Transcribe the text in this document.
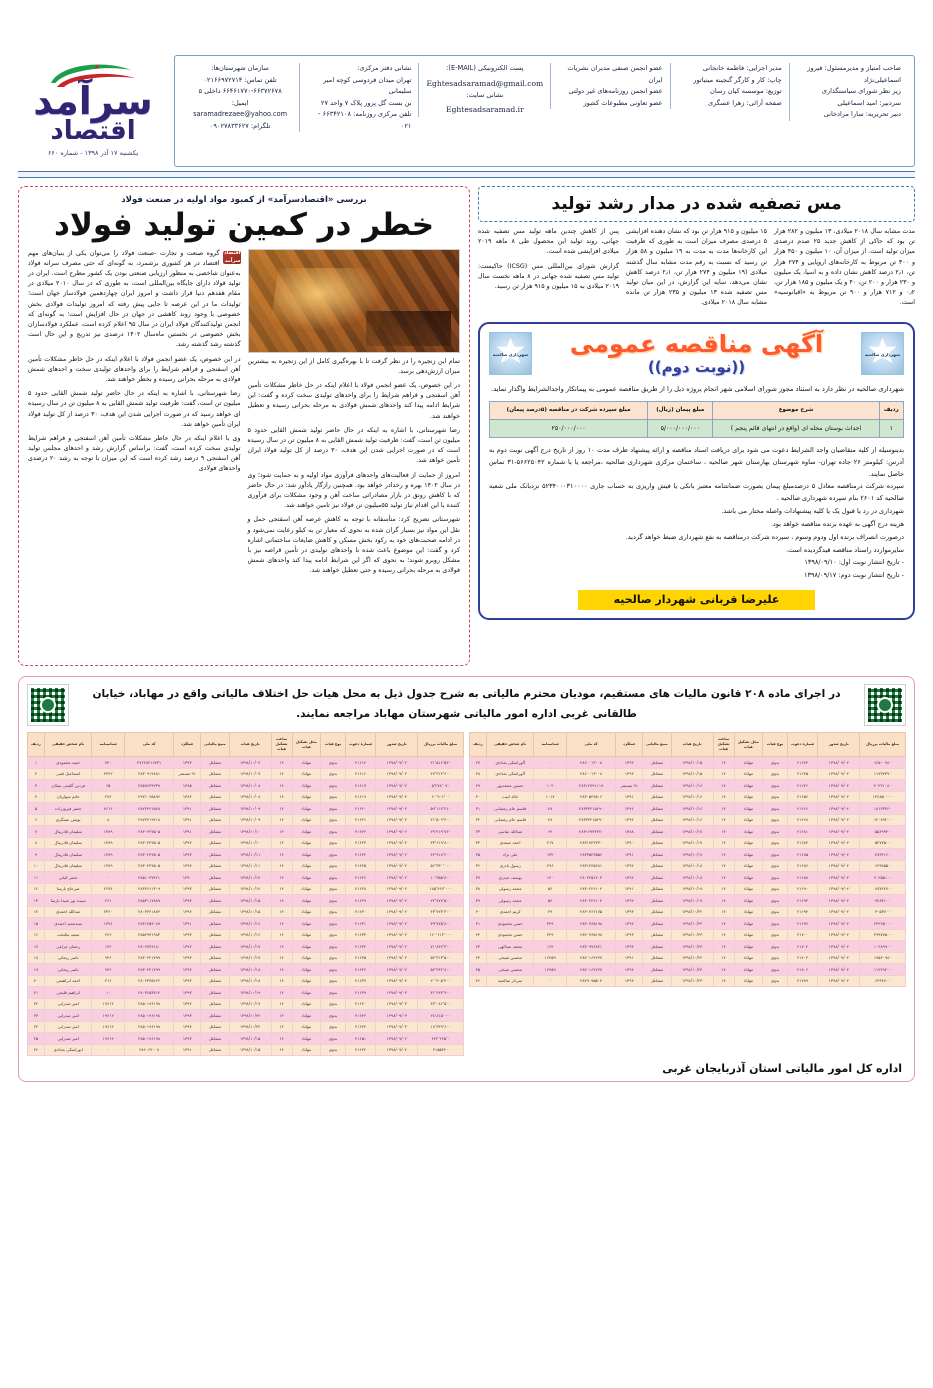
صاحب امتیاز و مدیرمسئول: فیروز اسماعیلی‌نژاد
زیر نظر شورای سیاستگذاری
سردبیر: امید اسماعیلی
دبیر تحریریه: سارا مرادخانی
مدیر اجرایی: فاطمه خانجانی
چاپ: کار و کارگر گنجینه مینیاتور
توزیع: موسسه کیان رسان
صفحه آرائی: زهرا عسگری
عضو انجمن صنفی مدیران نشریات ایران
عضو انجمن روزنامه‌های غیر دولتی
عضو تعاونی مطبوعات کشور
پست الکترونیکی (E-MAIL):
Eghtesadsaramad@gmail.com
نشانی سایت:
Eghtesadsaramad.ir
نشانی دفتر مرکزی:
تهران میدان فردوسی کوچه امیر سلیمانی
بن بست گل پرور پلاک ۷ واحد ۲۷
تلفن مرکزی روزنامه: ۶۶۳۴۲۱۰۸ - ۰۲۱
سازمان شهرستان‌ها:
تلفن تماس: ۰۲۱۶۶۹۷۲۷۱۴
۶۶۴۶۱۷۷۰-۶۶۳۷۲۶۷۸ داخلی ۵
ایمیل: saramadrezaee@yahoo.com
تلگرام: ۰۹۰۲۷۸۳۳۶۲۷
سرآمد
اقتصاد
یکشنبه ۱۷ آذر ۱۳۹۸ - شماره ۶۶۰
مس تصفیه شده در مدار رشد تولید

مدت مشابه سال ۲۰۱۸ میلادی، ۱۳ میلیون و ۲۸۲ هزار تن بود که حاکی از کاهش جدید ۲۵ صدم درصدی میزان تولید است. از میزان آن، ۱۰ میلیون و ۴۵۰ هزار و ۳۰۰ تن مربوط به کارخانه‌های اروپایی و ۲۷۴ هزار تن، ۲٫۱ درصد کاهش نشان داده و به اسیا، یک میلیون و ۲۳۰ هزار و ۲۰۰ تن، ۴۰ و یک میلیون و ۱۸۵ هزار تن، ۰٫۲ و ۷۱۲ هزار و ۹۰۰ تن مربوط به «اقیانوسیه» است.

۱۵ میلیون و ۹۱۵ هزار تن بود که نشان دهنده افزایشی ۵ درصدی مصرف میزان است به طوری که ظرفیت این کارخانه‌ها مدت به مدت به ۱۹ میلیون و ۵۸ هزار تن رسید که نسبت به رقم مدت مشابه سال گذشته میلادی (۱۹ میلیون و ۲۷۴ هزار تن، ۲٫۱ درصد کاهش نشان می‌دهد، سایه این گزارش، در این میان تولید مس تصفیه شده ۱۳ میلیون و ۲۳۵ هزار تن مانده مشابه سال ۲۰۱۸ میلادی.

پس از کاهش چندین ماهه تولید مس تصفیه شده جهانی، روند تولید این محصول طی ۸ ماهه ۲۰۱۹ میلادی افزایشی شده است.

گزارش شورای بین‌المللی مس (ICSG) حاکیست: تولید مس تصفیه شده جهانی در ۸ ماهه نخست سال ۲۰۱۹ میلادی به ۱۵ میلیون و ۹۱۵ هزار تن رسید.

شهرداری صالحیه
آگهی مناقصه عمومی
((نوبت دوم))
شهرداری صالحیه
شهرداری صالحیه در نظر دارد به استناد مجوز شورای اسلامی شهر انجام پروژه ذیل را از طریق مناقصه عمومی به پیمانکار واجدالشرایط واگذار نماید.
ردیف	شرح موضوع	مبلغ پیمان (ریال)	مبلغ سپرده شرکت در مناقصه (۵درصد پیمان)
۱	احداث بوستان محله ای (واقع در انتهای قائم پنجم )	۵/۰۰۰/۰۰۰/۰۰۰	۲۵۰/۰۰۰/۰۰۰

بدینوسیله از کلیه متقاضیان واجد الشرایط دعوت می شود برای دریافت اسناد مناقصه و ارائه پیشنهاد ظرف مدت ۱۰ روز از تاریخ درج آگهی نوبت دوم به آدرس: کیلومتر ۲۶ جاده تهران- ساوه شهرستان بهارستان شهر صالحیه ، ساختمان مرکزی شهرداری صالحیه ،مراجعه یا با شماره ۵۶۶۲۵۰۴۲-۳۱ تماس حاصل نمایند.

سپرده شرکت درمناقصه معادل ۵ درصدمبلغ پیمان بصورت ضمانتنامه معتبر بانکی یا فیش واریزی به حساب جاری ۵۲۳۴۰۰۰۳۱۰۰۰۰ نزدبانک ملی شعبه صالحیه کد ۲۶۰۱ بنام سپرده شهرداری صالحیه .

شهرداری در رد یا قبول یک یا کلیه پیشنهادات واصله مختار می باشد.

هزینه درج آگهی به عهده برنده مناقصه خواهد بود.

درصورت انصراف برنده اول ودوم وسوم ، سپرده شرکت درمناقصه به نفع شهرداری ضبط خواهد گردید.

سایرمواردد راسناد مناقصه قیدگردیده است.

- تاریخ انتشار نوبت اول: ۱۳۹۸/۰۹/۱۰

- تاریخ انتشار نوبت دوم: ۱۳۹۸/۰۹/۱۷

علیرضا قربانی شهردار صالحیه
بررسی «اقتصادسرآمد» از کمبود مواد اولیه در صنعت فولاد
خطر در کمین تولید فولاد

تمام این زنجیره را در نظر گرفت تا با بهره‌گیری کامل از این زنجیره به بیشترین میزان ارزش‌دهی برسد.

در این خصوص، یک عضو انجمن فولاد با اعلام اینکه در حل خاطر مشکلات تأمین آهن اسفنجی و فراهم شرایط را برای واحدهای تولیدی سخت کرده و گفت: این شرایط ادامه پیدا کند واحدهای شمش فولادی به مرحله بحرانی رسیده و تعطیل خواهند شد.

رضا شهرستانی، با اشاره به اینکه در حال حاضر تولید شمش القایی حدود ۵ میلیون تن است، گفت: ظرفیت تولید شمش القایی به ۸ میلیون تن در سال رسیده است که در صورت اجرایی شدن این هدف، ۳۰ درصد از کل تولید فولاد ایران تأمین خواهد شد.

امروز از حمایت از فعالیت‌های واحدهای فرآوری مواد اولیه و به حمایت شود؛ وی در سال ۱۴۰۲ بهره و رخدادر خواهد بود. همچنین رازگار یادآور شد: در حال حاضر که با کاهش رونق در بازار مصادراتی ساخت آهن و وجود مشکلات برای فرآوری کننده با این اقدام نیاز تولید ۵۵میلیون تن فولاد نیز تامین خواهند شد.

شهرستانی تصریح کرد: متأسفانه با توجه به کاهش عرضه آهن اسقنجی حمل و نقل این مواد نیز بسیار گران شده به نحوی که معیار تن به کیلو رعایت نمی‌شود و در ادامه صحبت‌های خود به رکود بخش مسکن و کاهش ضایعات ساختمانی اشاره کرد و گفت: این موضوع باعث شده تا واحدهای تولیدی در تأمین قراضه نیز با مشکل روبرو شوند؛ به نحوی که اگر این شرایط ادامه پیدا کند واحدهای شمش فولادی به مرحله بحرانی رسیده و حتی تعطیل خواهند شد.

اقتصاد سرآمد

گروه صنعت و تجارت -صنعت فولاد را می‌توان یکی از بنیان‌های مهم اقتصاد در هر کشوری برشمرد، به گونه‌ای که حتی مصرف سرانه فولاد به‌عنوان شاخصی به منظور ارزیابی صنعتی بودن یک کشور مطرح است. ایران در تولید فولاد دارای جایگاه بین‌المللی است، به طوری که در سال ۲۰۱۰ میلادی در مقام هفدهم دنیا قرار داشت و امروز ایران چهاردهمین فولادساز جهان است؛ تولیدات ما در این عرصه تا جایی پیش رفته که امروز تولیدات فولادی بخش خصوصی با وجود روند کاهشی در جهان در حال افزایش است؛ به گونه‌ای که انجمن تولیدکنندگان فولاد ایران در سال ۹۵ اعلام کرده است، عملکرد فولادسازان بخش خصوصی در نخستین ماه‌سال ۱۴۰۲ درصدی نیز تدریج و این حال است گذشته رشد گذشته رشد.

در این خصوص، یک عضو انجمن فولاد با اعلام اینکه در حل خاطر مشکلات تأمین آهن اسفنجی و فراهم شرایط را برای واحدهای تولیدی سخت و احدهای شمش فولادی به مرحله بحرانی رسیده و بخطر خواهند شد.

رضا شهرستانی، با اشاره به اینکه در حال حاضر تولید شمش القایی حدود ۵ میلیون تن است، گفت: ظرفیت تولید شمش القایی به ۸ میلیون تن در سال رسیده ای خواهد رسید که در صورت اجرایی شدن این هدف، ۳۰ درصد از کل تولید فولاد ایران تأمین خواهد شد.

وی با اعلام اینکه در حال خاطر مشکلات تأمین آهن اسفنجی و فراهم شرایط تولیدی سخت کرده است، گفت: براساس گزارش رشد و احدهای مجلس تولید آهن اسفنجی ۹ درصد رشد کرده است که این میزان با توجه به رشد ۲۰ درصدی واحدهای فولادی

در اجرای ماده ۲۰۸ قانون مالیات های مستقیم، مودیان محترم مالیاتی به شرح جدول ذیل به محل هیات حل اختلاف مالیاتی واقع در مهاباد، خیابان طالقانی غربی اداره امور مالیاتی شهرستان مهاباد مراجعه نمایند.
مبلغ مالیات برریال	تاریخ صدور	شماره دعوت	نوع هیات	محل تشکیل هیات	ساعت تشکیل هیات	تاریخ هیات	منبع مالیاتی	عملکرد	کد ملی	شناسنامه	نام شخص حقیقی	ردیف
۱۲۵۰۰۹۸۰	۱۳۹۸/۰۹/۰۴	۴۱۶۴۴	بدوی	مهاباد	۱۴	۱۳۹۸/۱۰/۱۵	مشاغل	۱۳۹۲	۲۸۶۰۰۱۳۰۰۸	۰	آلوراسکی بغدادی	۲۷
۱۱۷۳۷۳۹۰	۱۳۹۸/۰۹/۰۴	۴۱۶۴۵	بدوی	مهاباد	۱۴	۱۳۹۸/۱۰/۱۵	مشاغل	۱۳۹۴	۲۸۶۰۰۱۳۰۰۸	۰	آلوراسکی بغدادی	۲۸
۲۰۲۲۱۰۸۰	۱۳۹۸/۰۹/۰۴	۴۱۶۴۶	بدوی	مهاباد	۱۴	۱۳۹۸/۱۰/۱۶	مشاغل	۹۱ مستمر	۲۸۳۱۲۷۹۱۱۱۹	۱۰۲	حسین محمدپور	۲۹
۱۲۴۸۵۰۰۰۰	۱۳۹۸/۰۹/۰۴	۴۱۶۵۶	بدوی	مهاباد	۱۴	۱۳۹۸/۱۰/۱۶	مشاغل	۱۳۹۱	۲۸۳۰۵۴۲۵۰۶	۱۰۱۷	خالد لبیب	۳۰
۱۸۱۲۳۳۶۰	۱۳۹۸/۰۹/۰۴	۴۱۶۶۶	بدوی	مهاباد	۱۴	۱۳۹۸/۱۰/۱۶	مشاغل	۱۳۹۶	۲۸۳۳۴۲۱۵۶۹۰	۴۸	قاسم حام رمضانی	۳۱
۱۴۰۸۹۴۰۰	۱۳۹۸/۰۹/۰۴	۴۱۶۶۸	بدوی	مهاباد	۱۴	۱۳۹۸/۱۰/۱۶	مشاغل	۱۳۹۲	۲۸۳۳۴۲۱۵۶۹۰	۴۸	قاسم حام رمضانی	۳۲
۵۵۶۹۹۲۰	۱۳۹۸/۰۹/۰۴	۴۱۶۸۱	بدوی	مهاباد	۱۴	۱۳۹۸/۱۰/۱۷	مشاغل	۱۳۸۸	۲۸۳۱۶۹۳۴۳۷۰	۶۲	عبدالله عباسی	۳۳
۵۲۷۷۵۰۰	۱۳۹۸/۰۹/۰۴	۴۱۶۸۲	بدوی	مهاباد	۱۴	۱۳۹۸/۱۰/۱۷	مشاغل	۱۳۹۰	۲۸۳۱۷۴۲۳۳۰	۲۱۷	احمد صمدی	۳۴
۴۸۳۲۱۶۰	۱۳۹۸/۰۹/۰۴	۴۱۶۸۵	بدوی	مهاباد	۱۴	۱۳۹۸/۱۰/۱۷	مشاغل	۱۳۹۱	۲۸۳۳۵۲۳۵۵۶	۱۳۲	علی نژاد	۳۵
۶۴۳۸۵۵۰	۱۳۹۸/۰۹/۰۴	۴۱۶۸۶	بدوی	مهاباد	۱۴	۱۳۹۸/۱۰/۱۸	مشاغل	۱۳۹۲	۲۸۳۱۲۴۵۶۸۱	۲۹۶	رسول نادری	۳۶
۷۰۲۵۵۱۰۰	۱۳۹۸/۰۹/۰۴	۴۱۶۸۸	بدوی	مهاباد	۱۴	۱۳۹۸/۱۰/۱۸	مشاغل	۱۳۹۲	۲۸۰۲۴۵۶۶۰۳	۱۴۰	یوسف حیدری	۳۷
۸۷۷۲۴۷۰	۱۳۹۸/۰۹/۰۴	۴۱۶۹۰	بدوی	مهاباد	۱۴	۱۳۹۸/۱۰/۱۹	مشاغل	۱۳۹۱	۲۸۳۰۲۲۶۱۰۴	۵۶	محمد رسولی	۳۸
۷۴۸۳۱۰۰	۱۳۹۸/۰۹/۰۴	۴۱۶۹۲	بدوی	مهاباد	۱۴	۱۳۹۸/۱۰/۱۹	مشاغل	۱۳۹۲	۲۸۳۰۲۲۶۱۰۴	۵۶	محمد رسولی	۳۹
۳۰۵۳۷۰۰	۱۳۹۸/۰۹/۰۴	۴۱۶۹۴	بدوی	مهاباد	۱۴	۱۳۹۸/۱۰/۲۲	مشاغل	۱۳۹۳	۲۸۳۰۴۶۶۱۷۵	۲۹	کریم احمدی	۴۰
۲۳۲۲۵۰۰۰	۱۳۹۸/۰۹/۰۴	۴۱۶۹۶	بدوی	مهاباد	۱۴	۱۳۹۸/۱۰/۲۲	مشاغل	۱۳۹۲	۲۸۳۰۷۶۵۱۹۸	۳۲۹	حسن محمودی	۴۱
۲۹۹۷۷۵۰۰	۱۳۹۸/۰۹/۰۴	۴۱۷۰۰	بدوی	مهاباد	۱۴	۱۳۹۸/۱۰/۲۳	مشاغل	۱۳۹۳	۲۸۳۰۷۶۵۱۹۸	۳۲۹	حسن محمودی	۴۲
۱۰۴۸۹۹۰۰	۱۳۹۸/۰۹/۰۴	۴۱۷۰۲	بدوی	مهاباد	۱۴	۱۳۹۸/۱۰/۲۳	مشاغل	۱۳۹۴	۲۸۳۰۹۷۶۸۲۱	۱۶۴	محمد عبدالهی	۴۳
۱۹۵۴۰۹۸۰	۱۳۹۸/۰۹/۰۴	۴۱۷۰۴	بدوی	مهاباد	۱۴	۱۳۹۸/۱۰/۲۴	مشاغل	۱۳۹۱	۲۸۷۰۱۶۴۶۴۷	۱۶۴۵۹	محسن شیخی	۴۴
۱۱۲۴۹۲۰۰	۱۳۹۸/۰۹/۰۴	۴۱۸۰۶	بدوی	مهاباد	۱۴	۱۳۹۸/۱۰/۲۴	مشاغل	۱۳۹۴	۲۸۷۰۱۶۴۶۴۷	۱۶۴۵۹	محسن شیخی	۴۵
۶۲۹۲۷۰۰	۱۳۹۸/۰۹/۰۴	۴۱۷۸۹	بدوی	مهاباد	۱۴	۱۳۹۸/۱۰/۲۳	مشاغل	۱۳۹۴	۲۸۷۹۰۹۵۵۰۴	۰	سردار صالحیه	۴۶
مبلغ مالیات برریال	تاریخ صدور	شماره دعوت	نوع هیات	محل تشکیل هیات	ساعت تشکیل هیات	تاریخ هیات	منبع مالیاتی	عملکرد	کد ملی	شناسنامه	نام شخص حقیقی	ردیف
۲۱٬۵۱۶٬۵۳۰	۱۳۹۸/۰۹/۰۲	۴۱۶۱۴	بدوی	مهاباد	۱۴	۱۳۹۸/۱۰/۰۴	مشاغل	۱۳۹۳	۲۷۶۲۸۲۱۶۷۳۱	۷۴۰	حمید محمودی	۱
۴۷٬۳۱۲٬۶۰۰	۱۳۹۸/۰۹/۰۲	۴۱۶۱۶	بدوی	مهاباد	۱۴	۱۳۹۸/۱۰/۰۷	مشاغل	۹۱ مستمر	۲۸۳۰۹۱۲۸۸۱	۲۲۲۲	اسماعیل قمی	۲
۵٬۲۷۸٬۰۷۰	۱۳۹۸/۰۹/۰۲	۴۱۶۱۷	بدوی	مهاباد	۱۴	۱۳۹۸/۱۰/۰۸	مشاغل	۱۳۸۵	۲۸۵۹۶۳۴۲۳۹	۶۵	فردین گلیجی سبلان	۳
۶۰٬۹۰۶٬۰۰	۱۳۹۸/۰۹/۰۲	۴۱۶۱۹	بدوی	مهاباد	۱۴	۱۳۹۸/۱۰/۰۸	مشاغل	۱۳۸۲	۲۲۷۱۰۶۵۸۹۶	۲۷۶	حاتم سواریان	۴
۵۹٬۱۱۷٬۴۱۰	۱۳۹۸/۰۹/۰۲	۴۱۶۲۰	بدوی	مهاباد	۱۴	۱۳۹۸/۱۰/۰۹	مشاغل	۱۳۹۱	۲۸۷۲۴۲۱۵۶۸	۷۶۱۶	جعفر فیروززاده	۵
۲۱٬۵۰۹٬۴۰۰	۱۳۹۸/۰۹/۰۲	۴۱۶۲۱	بدوی	مهاباد	۱۴	۱۳۹۸/۱۰/۰۹	مشاغل	۱۳۹۱	۲۸۷۴۴۱۴۴۱۸	۸	یونس عسگری	۶
۲۹٬۲۱۹٬۷۲۰	۱۳۹۸/۰۹/۰۲	۴۱۶۲۲	بدوی	مهاباد	۱۴	۱۳۹۸/۱۰/۱۰	مشاغل	۱۳۹۱	۲۸۳۰۴۴۲۵۰۵	۱۳۸۹	سلیمان قادرینال	۷
۳۳٬۶۱۹٬۸۰۰	۱۳۹۸/۰۹/۰۲	۴۱۶۲۳	بدوی	مهاباد	۱۴	۱۳۹۸/۱۰/۱۰	مشاغل	۱۳۹۲	۲۸۳۰۴۴۲۵۰۵	۱۳۸۹	سلیمان قادرینال	۸
۴۲٬۹۱۸٬۲۰۰	۱۳۹۸/۰۹/۰۲	۴۱۶۲۴	بدوی	مهاباد	۱۴	۱۳۹۸/۱۰/۱۱	مشاغل	۱۳۹۳	۲۸۳۰۴۴۲۵۰۵	۱۳۸۹	سلیمان قادرینال	۹
۵۶٬۳۳۰٬۰۰۰	۱۳۹۸/۰۹/۰۲	۴۱۶۲۵	بدوی	مهاباد	۱۴	۱۳۹۸/۱۰/۱۱	مشاغل	۱۳۹۴	۲۸۳۰۴۴۲۵۰۵	۱۳۸۹	سلیمان قادرینال	۱۰
۱۰٬۳۵۵٬۸۰۰	۱۳۹۸/۰۹/۰۲	۴۱۶۲۶	بدوی	مهاباد	۱۴	۱۳۹۸/۱۰/۱۴	مشاغل	۱۳۹۰	۲۸۵۱۰۳۷۴۶۱	۰	جعفر کیانی	۱۱
۱۸۵٬۴۶۷٬۰۰۰	۱۳۹۸/۰۹/۰۲	۴۱۶۲۸	بدوی	مهاباد	۱۴	۱۳۹۸/۱۰/۱۴	مشاغل	۱۳۹۳	۲۸۳۲۶۶۱۳۰۹	۲۶۷۴	میرحاج بارسا	۱۲
۲۲٬۷۷۷٬۵۰۰	۱۳۹۸/۰۹/۰۲	۴۱۶۲۹	بدوی	مهاباد	۱۴	۱۳۹۸/۱۰/۱۵	مشاغل	۱۳۹۳	۲۸۵۳۱۱۷۸۸۹	۲۶۱	سیده نور شیدا بارسا	۱۳
۴۳٬۷۲۳٬۳۰۰	۱۳۹۸/۰۹/۰۲	۴۱۶۳۰	بدوی	مهاباد	۱۴	۱۳۹۸/۱۰/۱۵	مشاغل	۱۳۹۲	۲۸۰۳۲۴۱۸۷۴	۲۳۶۰	عبدالله احمدی	۱۴
۳۹٬۷۷۵٬۸۰۰	۱۳۹۸/۰۹/۰۲	۴۱۶۳۱	بدوی	مهاباد	۱۴	۱۳۹۸/۱۰/۱۶	مشاغل	۱۳۹۱	۲۸۳۱۲۵۴۰۸۹	۱۳۷۶	سیدمجید احمدی	۱۵
۱۶۰٬۶۱۴٬۰۰۰	۱۳۹۸/۰۹/۰۲	۴۱۶۳۳	بدوی	مهاباد	۱۴	۱۳۹۸/۱۰/۱۶	مشاغل	۱۳۹۳	۲۸۵۴۹۳۱۹۸۳	۲۲۶	سعید نیکبخت	۱۶
۷۱٬۸۴۲٬۳۰۰	۱۳۹۸/۰۹/۰۲	۴۱۶۳۴	بدوی	مهاباد	۱۴	۱۳۹۸/۱۰/۱۷	مشاغل	۱۳۹۲	۲۸۰۲۷۴۴۱۸۰	۱۴۲	رحمان چراغی	۱۷
۵۲٬۳۱۳٬۵۰۰	۱۳۹۸/۰۹/۰۲	۴۱۶۳۵	بدوی	مهاباد	۱۴	۱۳۹۸/۱۰/۱۷	مشاغل	۱۳۹۳	۲۸۳۰۴۲۱۷۹۹	۹۴۶	ناصر ریحانی	۱۸
۵۲٬۲۳۶٬۸۰۰	۱۳۹۸/۰۹/۰۲	۴۱۶۳۶	بدوی	مهاباد	۱۴	۱۳۹۸/۱۰/۱۸	مشاغل	۱۳۹۴	۲۸۳۰۴۲۱۷۹۹	۹۴۶	ناصر ریحانی	۱۹
۲۰٬۴۰۵٬۴۰۰	۱۳۹۸/۰۹/۰۲	۴۱۶۳۷	بدوی	مهاباد	۱۴	۱۳۹۸/۱۰/۱۸	مشاغل	۱۳۹۲	۲۸۰۲۳۳۵۶۶۲	۳۱۶	احمد ابراهیمی	۲۰
۳۱٬۴۳۴٬۷۰۰	۱۳۹۸/۰۹/۰۳	۴۱۶۳۹	بدوی	مهاباد	۱۴	۱۳۹۸/۱۰/۱۹	مشاغل	۱۳۹۳	۲۸۰۳۶۵۳۷۱۴	۱۰	ابراهیم قلیجی	۲۱
۳۷٬۰۸۶٬۵۰۰	۱۳۹۸/۰۹/۰۳	۴۱۶۴۰	بدوی	مهاباد	۱۴	۱۳۹۸/۱۰/۱۹	مشاغل	۱۳۹۲	۲۸۵۰۱۹۶۱۹۸	۱۹۶۱۲	امیر صدرایی	۲۲
۲۸٬۸۱۵٬۰۰۰	۱۳۹۸/۰۹/۰۳	۴۱۶۴۲	بدوی	مهاباد	۱۴	۱۳۹۸/۱۰/۲۲	مشاغل	۱۳۹۳	۲۸۵۰۱۹۶۱۹۸	۱۹۶۱۲	امیر صدرایی	۲۳
۱۸٬۳۳۹٬۶۰۰	۱۳۹۸/۰۹/۰۳	۴۱۶۴۴	بدوی	مهاباد	۱۴	۱۳۹۸/۱۰/۲۲	مشاغل	۱۳۹۴	۲۸۵۰۱۹۶۱۹۸	۱۹۶۱۲	امیر صدرایی	۲۴
۴۲۲٬۶۲۵٬۰	۱۳۹۸/۰۹/۰۲	۴۱۶۵۱	بدوی	مهاباد	۱۴	۱۳۹۸/۱۰/۱۵	مشاغل	۱۳۹۳	۲۸۵۰۱۹۶۱۹۸	۱۹۶۱۲	امیر صدرایی	۲۵
۴۱۵۵۴۴۰	۱۳۹۸/۰۹/۰۴	۴۱۶۴۴	بدوی	مهاباد	۱۴	۱۳۹۸/۱۰/۱۵	مشاغل	۱۳۹۱	۲۸۶۰۶۲۰۰۸	۰	ابوراسکی بغدادی	۲۶
اداره کل امور مالیاتی استان آذربایجان غربی
